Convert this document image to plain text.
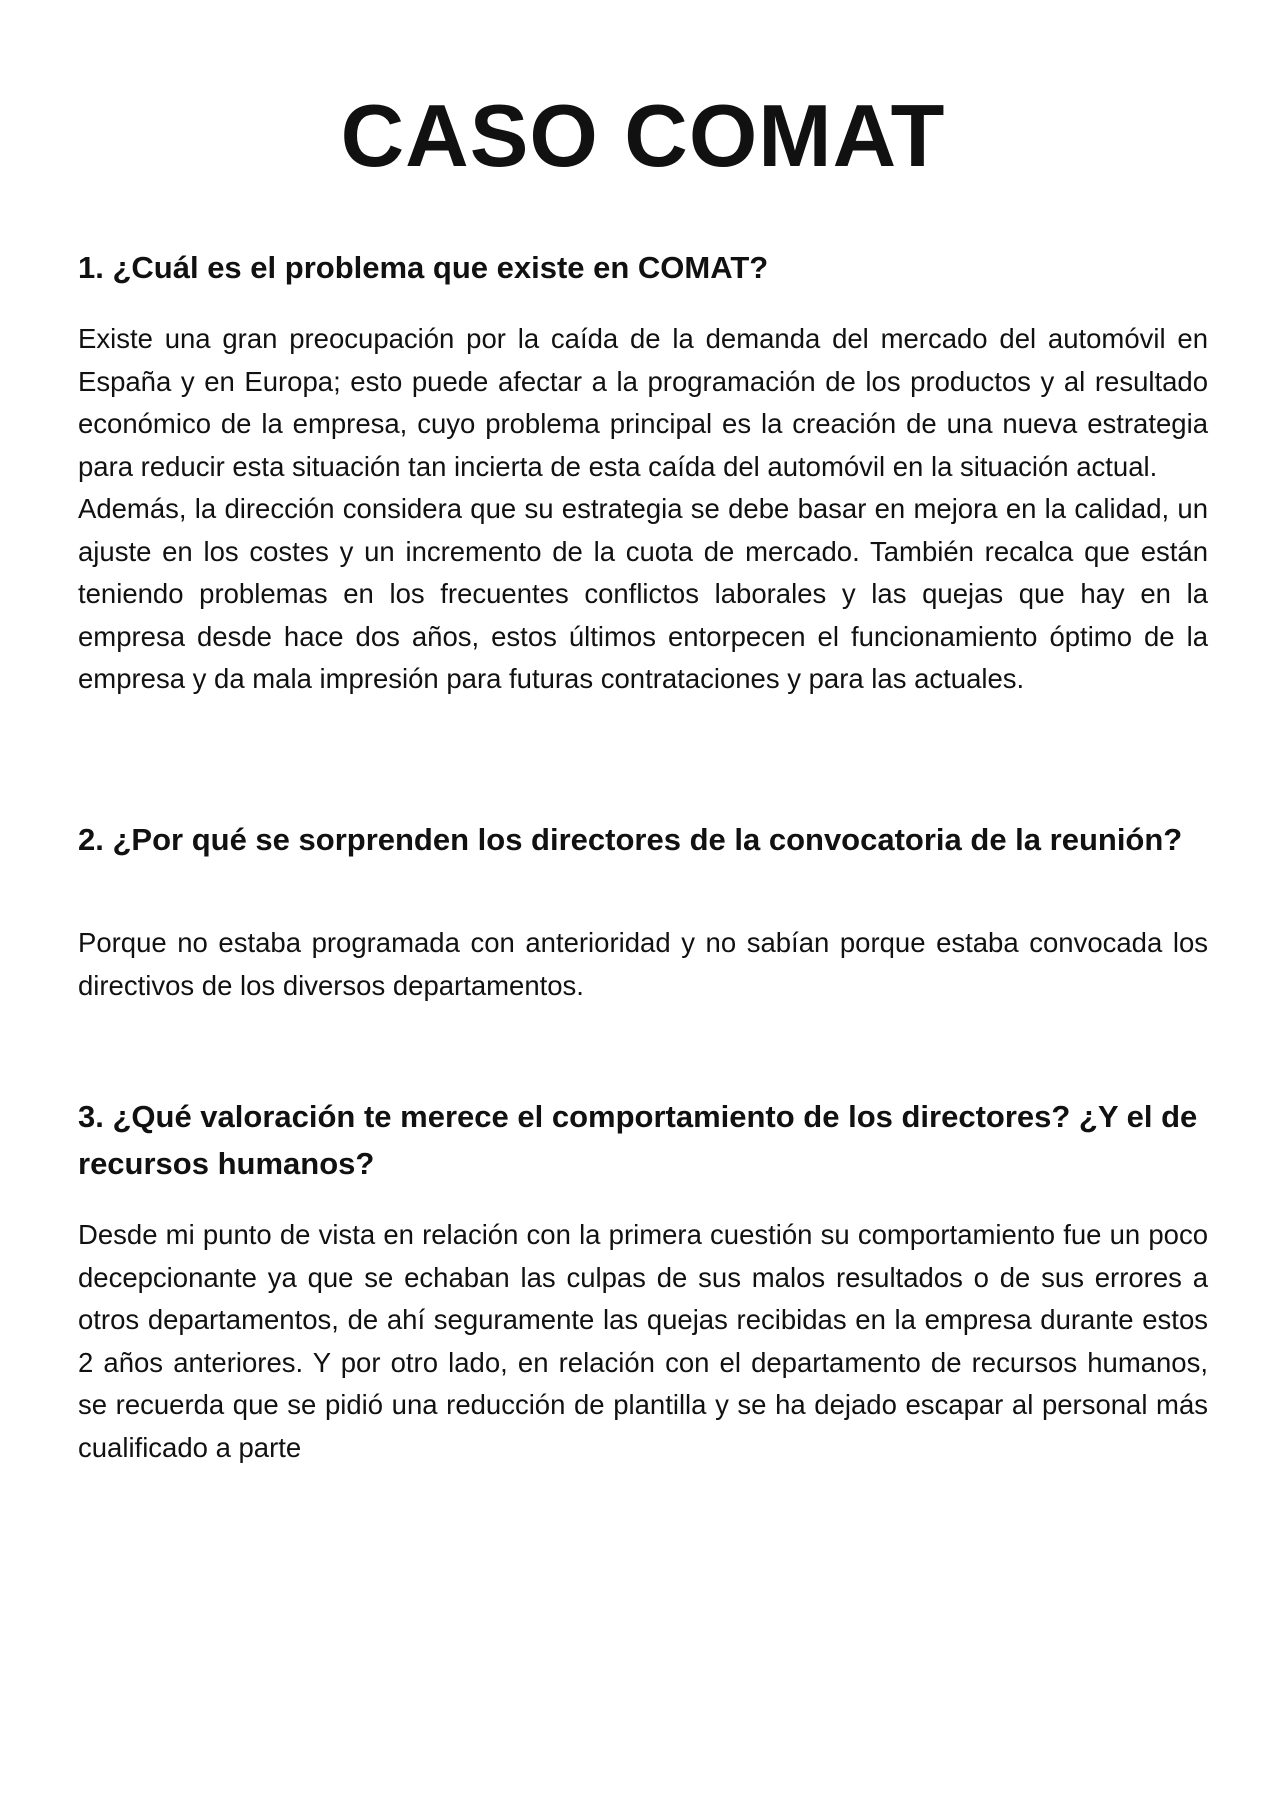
CASO COMAT
1. ¿Cuál es el problema que existe en COMAT?

Existe una gran preocupación por la caída de la demanda del mercado del automóvil en España y en Europa; esto puede afectar a la programación de los productos y al resultado económico de la empresa, cuyo problema principal es la creación de una nueva estrategia para reducir esta situación tan incierta de esta caída del automóvil en la situación actual.

Además, la dirección considera que su estrategia se debe basar en mejora en la calidad, un ajuste en los costes y un incremento de la cuota de mercado. También recalca que están teniendo problemas en los frecuentes conflictos laborales y las quejas que hay en la empresa desde hace dos años, estos últimos entorpecen el funcionamiento óptimo de la empresa y da mala impresión para futuras contrataciones y para las actuales.

2. ¿Por qué se sorprenden los directores de la convocatoria de la reunión?

Porque no estaba programada con anterioridad y no sabían porque estaba convocada los directivos de los diversos departamentos.

3. ¿Qué valoración te merece el comportamiento de los directores? ¿Y el de recursos humanos?

Desde mi punto de vista en relación con la primera cuestión su comportamiento fue un poco decepcionante ya que se echaban las culpas de sus malos resultados o de sus errores a otros departamentos, de ahí seguramente las quejas recibidas en la empresa durante estos 2 años anteriores. Y por otro lado, en relación con el departamento de recursos humanos, se recuerda que se pidió una reducción de plantilla y se ha dejado escapar al personal más cualificado a parte
